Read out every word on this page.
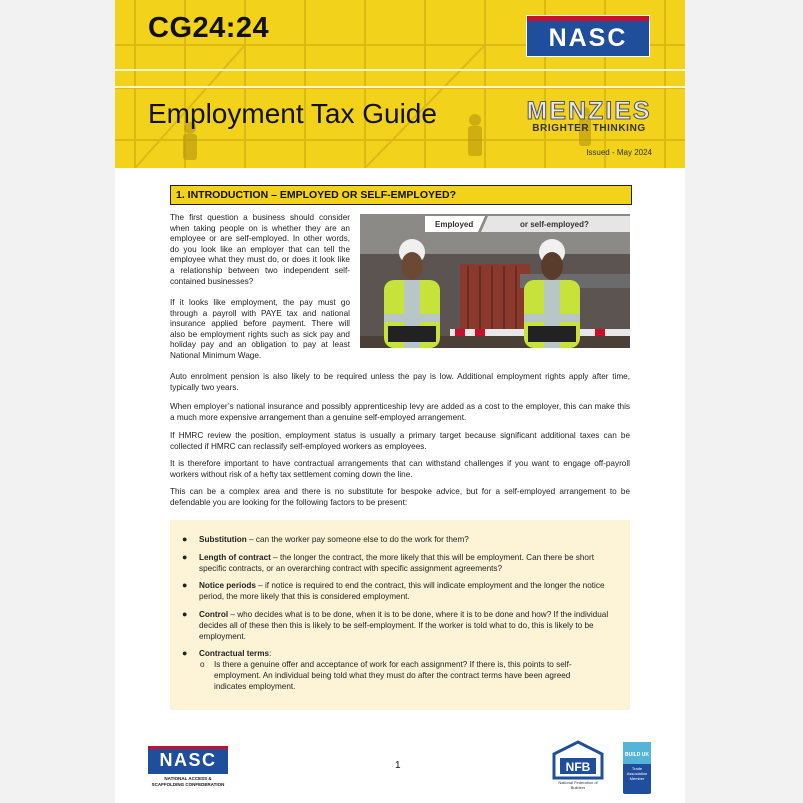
CG24:24
Employment Tax Guide
NASC
MENZIES
BRIGHTER THINKING
Issued - May 2024
1. INTRODUCTION – EMPLOYED OR SELF-EMPLOYED?
The first question a business should consider when taking people on is whether they are an employee or are self-employed. In other words, do you look like an employer that can tell the employee what they must do, or does it look like a relationship between two independent self-contained businesses?
If it looks like employment, the pay must go through a payroll with PAYE tax and national insurance applied before payment. There will also be employment rights such as sick pay and holiday pay and an obligation to pay at least National Minimum Wage.
Employed	or self-employed?
Auto enrolment pension is also likely to be required unless the pay is low. Additional employment rights apply after time, typically two years.
When employer’s national insurance and possibly apprenticeship levy are added as a cost to the employer, this can make this a much more expensive arrangement than a genuine self-employed arrangement.
If HMRC review the position, employment status is usually a primary target because significant additional taxes can be collected if HMRC can reclassify self-employed workers as employees.
It is therefore important to have contractual arrangements that can withstand challenges if you want to engage off-payroll workers without risk of a hefty tax settlement coming down the line.
This can be a complex area and there is no substitute for bespoke advice, but for a self-employed arrangement to be defendable you are looking for the following factors to be present:
● Substitution – can the worker pay someone else to do the work for them?
● Length of contract – the longer the contract, the more likely that this will be employment. Can there be short specific contracts, or an overarching contract with specific assignment agreements?
● Notice periods – if notice is required to end the contract, this will indicate employment and the longer the notice period, the more likely that this is considered employment.
● Control – who decides what is to be done, when it is to be done, where it is to be done and how? If the individual decides all of these then this is likely to be self-employment. If the worker is told what to do, this is likely to be employment.
● Contractual terms:
o Is there a genuine offer and acceptance of work for each assignment? If there is, this points to self-employment. An individual being told what they must do after the contract terms have been agreed indicates employment.
NASC
NATIONAL ACCESS & SCAFFOLDING CONFEDERATION
1	NFB
National Federation of Builders
BUILD UK
Trade Association Member
